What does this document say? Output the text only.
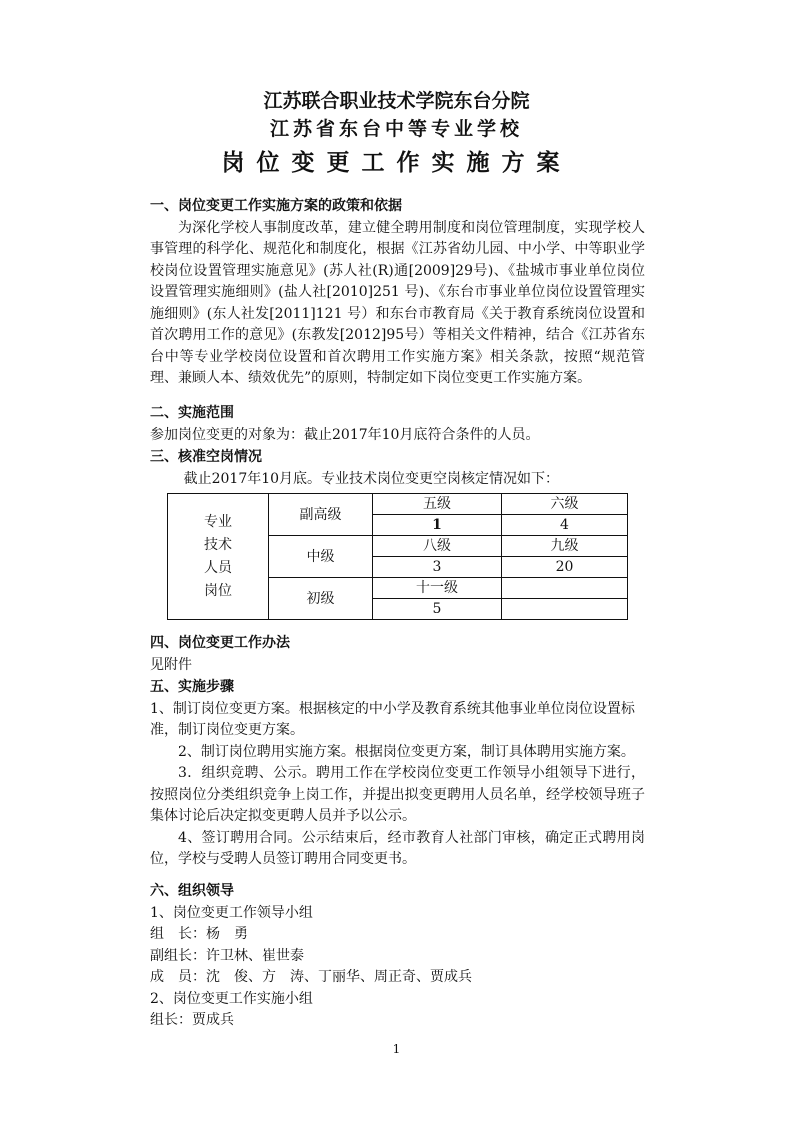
江苏联合职业技术学院东台分院
江苏省东台中等专业学校
岗位变更工作实施方案
一、岗位变更工作实施方案的政策和依据
为深化学校人事制度改革，建立健全聘用制度和岗位管理制度，实现学校人事管理的科学化、规范化和制度化，根据《江苏省幼儿园、中小学、中等职业学校岗位设置管理实施意见》(苏人社(R)通[2009]29号)、《盐城市事业单位岗位设置管理实施细则》(盐人社[2010]251 号)、《东台市事业单位岗位设置管理实施细则》(东人社发[2011]121 号）和东台市教育局《关于教育系统岗位设置和首次聘用工作的意见》(东教发[2012]95号）等相关文件精神，结合《江苏省东台中等专业学校岗位设置和首次聘用工作实施方案》相关条款，按照“规范管理、兼顾人本、绩效优先”的原则，特制定如下岗位变更工作实施方案。
二、实施范围
参加岗位变更的对象为：截止2017年10月底符合条件的人员。
三、核准空岗情况
截止2017年10月底。专业技术岗位变更空岗核定情况如下：
专业
技术
人员
岗位	副高级	五级	六级
		1	4
	中级	八级	九级
		3	20
	初级	十一级	
		5	
四、岗位变更工作办法
见附件
五、实施步骤
1、制订岗位变更方案。根据核定的中小学及教育系统其他事业单位岗位设置标准，制订岗位变更方案。
2、制订岗位聘用实施方案。根据岗位变更方案，制订具体聘用实施方案。
3．组织竞聘、公示。聘用工作在学校岗位变更工作领导小组领导下进行，按照岗位分类组织竞争上岗工作，并提出拟变更聘用人员名单，经学校领导班子集体讨论后决定拟变更聘人员并予以公示。
4、签订聘用合同。公示结束后，经市教育人社部门审核，确定正式聘用岗位，学校与受聘人员签订聘用合同变更书。
六、组织领导
1、岗位变更工作领导小组
组　长：杨　勇
副组长：许卫林、崔世泰
成　员：沈　俊、方　涛、丁丽华、周正奇、贾成兵
2、岗位变更工作实施小组
组长：贾成兵
1
